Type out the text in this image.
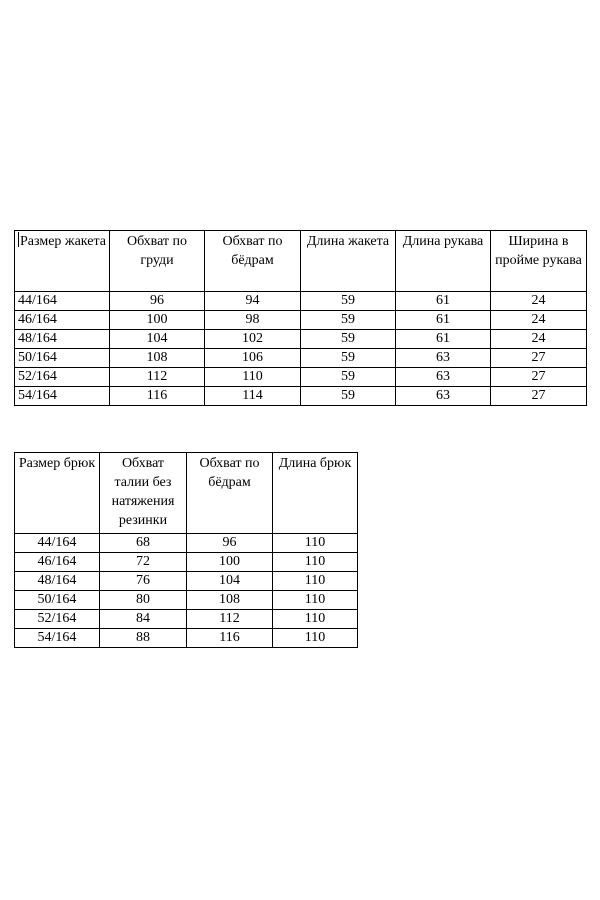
Размер жакета	Обхват по груди	Обхват по бёдрам	Длина жакета	Длина рукава	Ширина в пройме рукава
44/164	96	94	59	61	24
46/164	100	98	59	61	24
48/164	104	102	59	61	24
50/164	108	106	59	63	27
52/164	112	110	59	63	27
54/164	116	114	59	63	27
Размер брюк	Обхват талии без натяжения резинки	Обхват по бёдрам	Длина брюк
44/164	68	96	110
46/164	72	100	110
48/164	76	104	110
50/164	80	108	110
52/164	84	112	110
54/164	88	116	110
